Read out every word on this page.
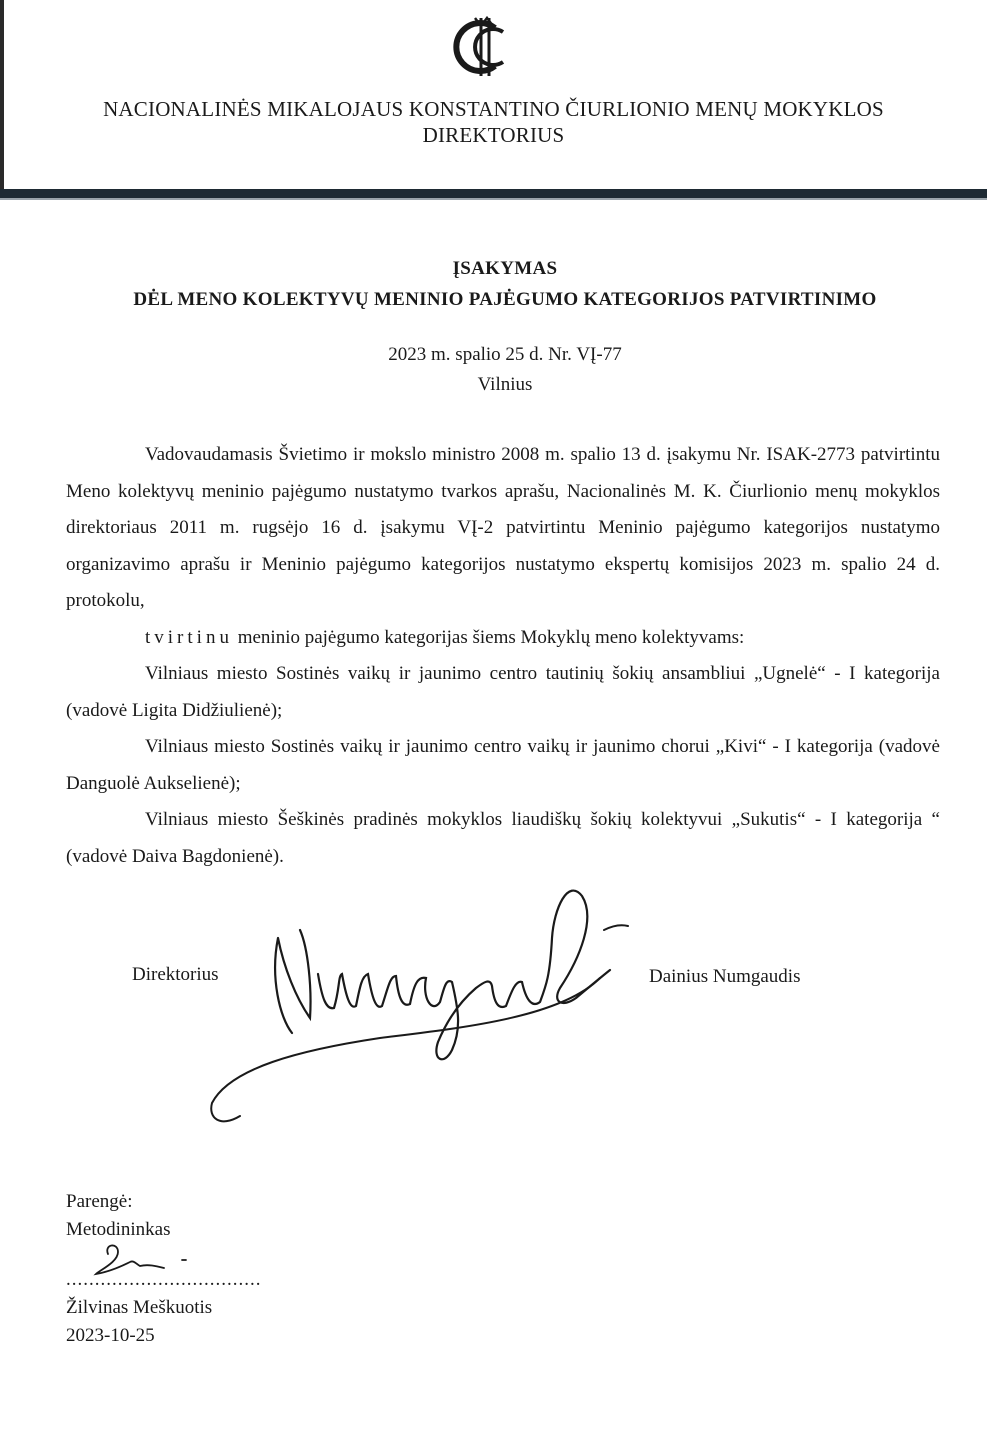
NACIONALINĖS MIKALOJAUS KONSTANTINO ČIURLIONIO MENŲ MOKYKLOS
DIREKTORIUS
ĮSAKYMAS
DĖL MENO KOLEKTYVŲ MENINIO PAJĖGUMO KATEGORIJOS PATVIRTINIMO
2023 m. spalio 25 d. Nr. VĮ-77
Vilnius

Vadovaudamasis Švietimo ir mokslo ministro 2008 m. spalio 13 d. įsakymu Nr. ISAK-2773 patvirtintu Meno kolektyvų meninio pajėgumo nustatymo tvarkos aprašu, Nacionalinės M. K. Čiurlionio menų mokyklos direktoriaus 2011 m. rugsėjo 16 d. įsakymu VĮ-2 patvirtintu Meninio pajėgumo kategorijos nustatymo organizavimo aprašu ir Meninio pajėgumo kategorijos nustatymo ekspertų komisijos 2023 m. spalio 24 d. protokolu,

tvirtinu meninio pajėgumo kategorijas šiems Mokyklų meno kolektyvams:

Vilniaus miesto Sostinės vaikų ir jaunimo centro tautinių šokių ansambliui „Ugnelė“ - I kategorija (vadovė Ligita Didžiulienė);

Vilniaus miesto Sostinės vaikų ir jaunimo centro vaikų ir jaunimo chorui „Kivi“ - I kategorija (vadovė Danguolė Aukselienė);

Vilniaus miesto Šeškinės pradinės mokyklos liaudiškų šokių kolektyvui „Sukutis“ - I kategorija “ (vadovė Daiva Bagdonienė).

Direktorius	Dainius Numgaudis
Parengė:
Metodininkas
..................................
Žilvinas Meškuotis
2023-10-25
